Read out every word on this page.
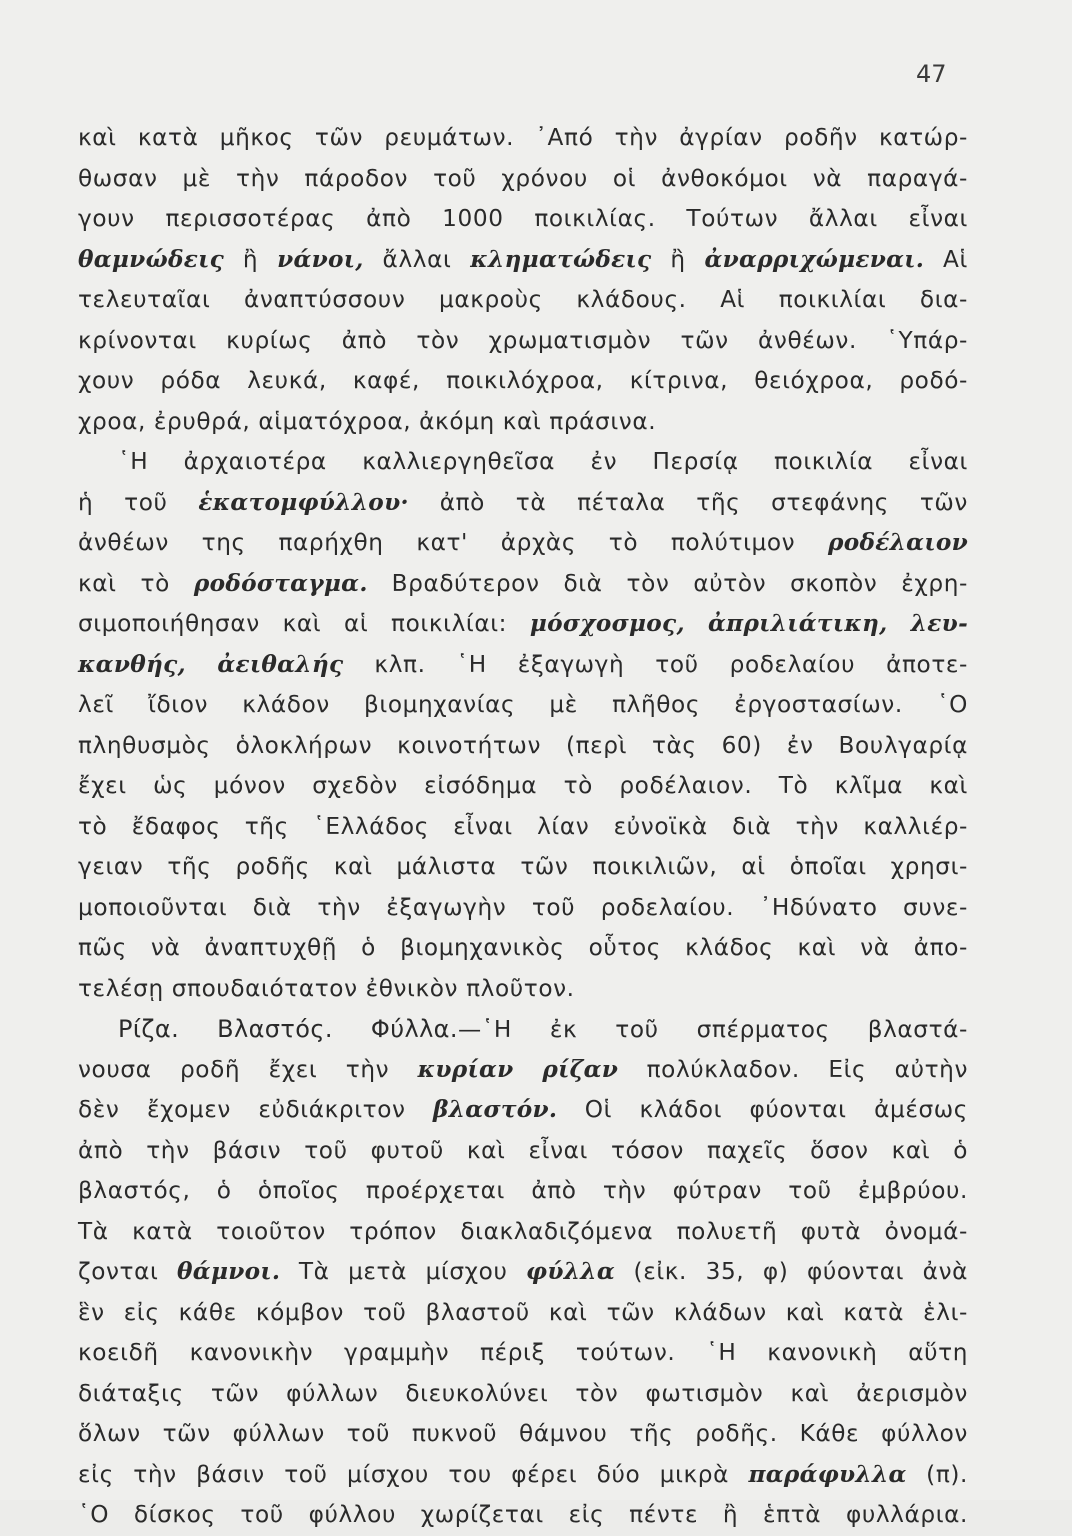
47
καὶ κατὰ μῆκος τῶν ρευμάτων. ᾿Από τὴν ἀγρίαν ροδῆν κατώρ-
θωσαν μὲ τὴν πάροδον τοῦ χρόνου οἱ ἀνθοκόμοι νὰ παραγά-
γουν περισσοτέρας ἀπὸ 1000 ποικιλίας. Τούτων ἄλλαι εἶναι
θαμνώδεις ἢ νάνοι, ἄλλαι κληματώδεις ἢ ἀναρριχώμεναι. Αἱ
τελευταῖαι ἀναπτύσσουν μακροὺς κλάδους. Αἱ ποικιλίαι δια-
κρίνονται κυρίως ἀπὸ τὸν χρωματισμὸν τῶν ἀνθέων. ῾Υπάρ-
χουν ρόδα λευκά, καφέ, ποικιλόχροα, κίτρινα, θειόχροα, ροδό-
χροα, ἐρυθρά, αἱματόχροα, ἀκόμη καὶ πράσινα.
῾Η ἀρχαιοτέρα καλλιεργηθεῖσα ἐν Περσίᾳ ποικιλία εἶναι
ἡ τοῦ ἑκατομφύλλου· ἀπὸ τὰ πέταλα τῆς στεφάνης τῶν
ἀνθέων της παρήχθη κατ' ἀρχὰς τὸ πολύτιμον ροδέλαιον
καὶ τὸ ροδόσταγμα. Βραδύτερον διὰ τὸν αὐτὸν σκοπὸν ἐχρη-
σιμοποιήθησαν καὶ αἱ ποικιλίαι: μόσχοσμος, ἀπριλιάτικη, λευ-
κανθής, ἀειθαλής κλπ. ῾Η ἐξαγωγὴ τοῦ ροδελαίου ἀποτε-
λεῖ ἴδιον κλάδον βιομηχανίας μὲ πλῆθος ἐργοστασίων. ῾Ο
πληθυσμὸς ὁλοκλήρων κοινοτήτων (περὶ τὰς 60) ἐν Βουλγαρίᾳ
ἔχει ὡς μόνον σχεδὸν εἰσόδημα τὸ ροδέλαιον. Τὸ κλῖμα καὶ
τὸ ἔδαφος τῆς ῾Ελλάδος εἶναι λίαν εὐνοϊκὰ διὰ τὴν καλλιέρ-
γειαν τῆς ροδῆς καὶ μάλιστα τῶν ποικιλιῶν, αἱ ὁποῖαι χρησι-
μοποιοῦνται διὰ τὴν ἐξαγωγὴν τοῦ ροδελαίου. ᾿Ηδύνατο συνε-
πῶς νὰ ἀναπτυχθῇ ὁ βιομηχανικὸς οὗτος κλάδος καὶ νὰ ἀπο-
τελέσῃ σπουδαιότατον ἐθνικὸν πλοῦτον.
Ρίζα. Βλαστός. Φύλλα.—῾Η ἐκ τοῦ σπέρματος βλαστά-
νουσα ροδῆ ἔχει τὴν κυρίαν ρίζαν πολύκλαδον. Εἰς αὐτὴν
δὲν ἔχομεν εὐδιάκριτον βλαστόν. Οἱ κλάδοι φύονται ἀμέσως
ἀπὸ τὴν βάσιν τοῦ φυτοῦ καὶ εἶναι τόσον παχεῖς ὅσον καὶ ὁ
βλαστός, ὁ ὁποῖος προέρχεται ἀπὸ τὴν φύτραν τοῦ ἐμβρύου.
Τὰ κατὰ τοιοῦτον τρόπον διακλαδιζόμενα πολυετῆ φυτὰ ὀνομά-
ζονται θάμνοι. Τὰ μετὰ μίσχου φύλλα (εἰκ. 35, φ) φύονται ἀνὰ
ἓν εἰς κάθε κόμβον τοῦ βλαστοῦ καὶ τῶν κλάδων καὶ κατὰ ἑλι-
κοειδῆ κανονικὴν γραμμὴν πέριξ τούτων. ῾Η κανονικὴ αὕτη
διάταξις τῶν φύλλων διευκολύνει τὸν φωτισμὸν καὶ ἀερισμὸν
ὅλων τῶν φύλλων τοῦ πυκνοῦ θάμνου τῆς ροδῆς. Κάθε φύλλον
εἰς τὴν βάσιν τοῦ μίσχου του φέρει δύο μικρὰ παράφυλλα (π).
῾Ο δίσκος τοῦ φύλλου χωρίζεται εἰς πέντε ἢ ἑπτὰ φυλλάρια.
